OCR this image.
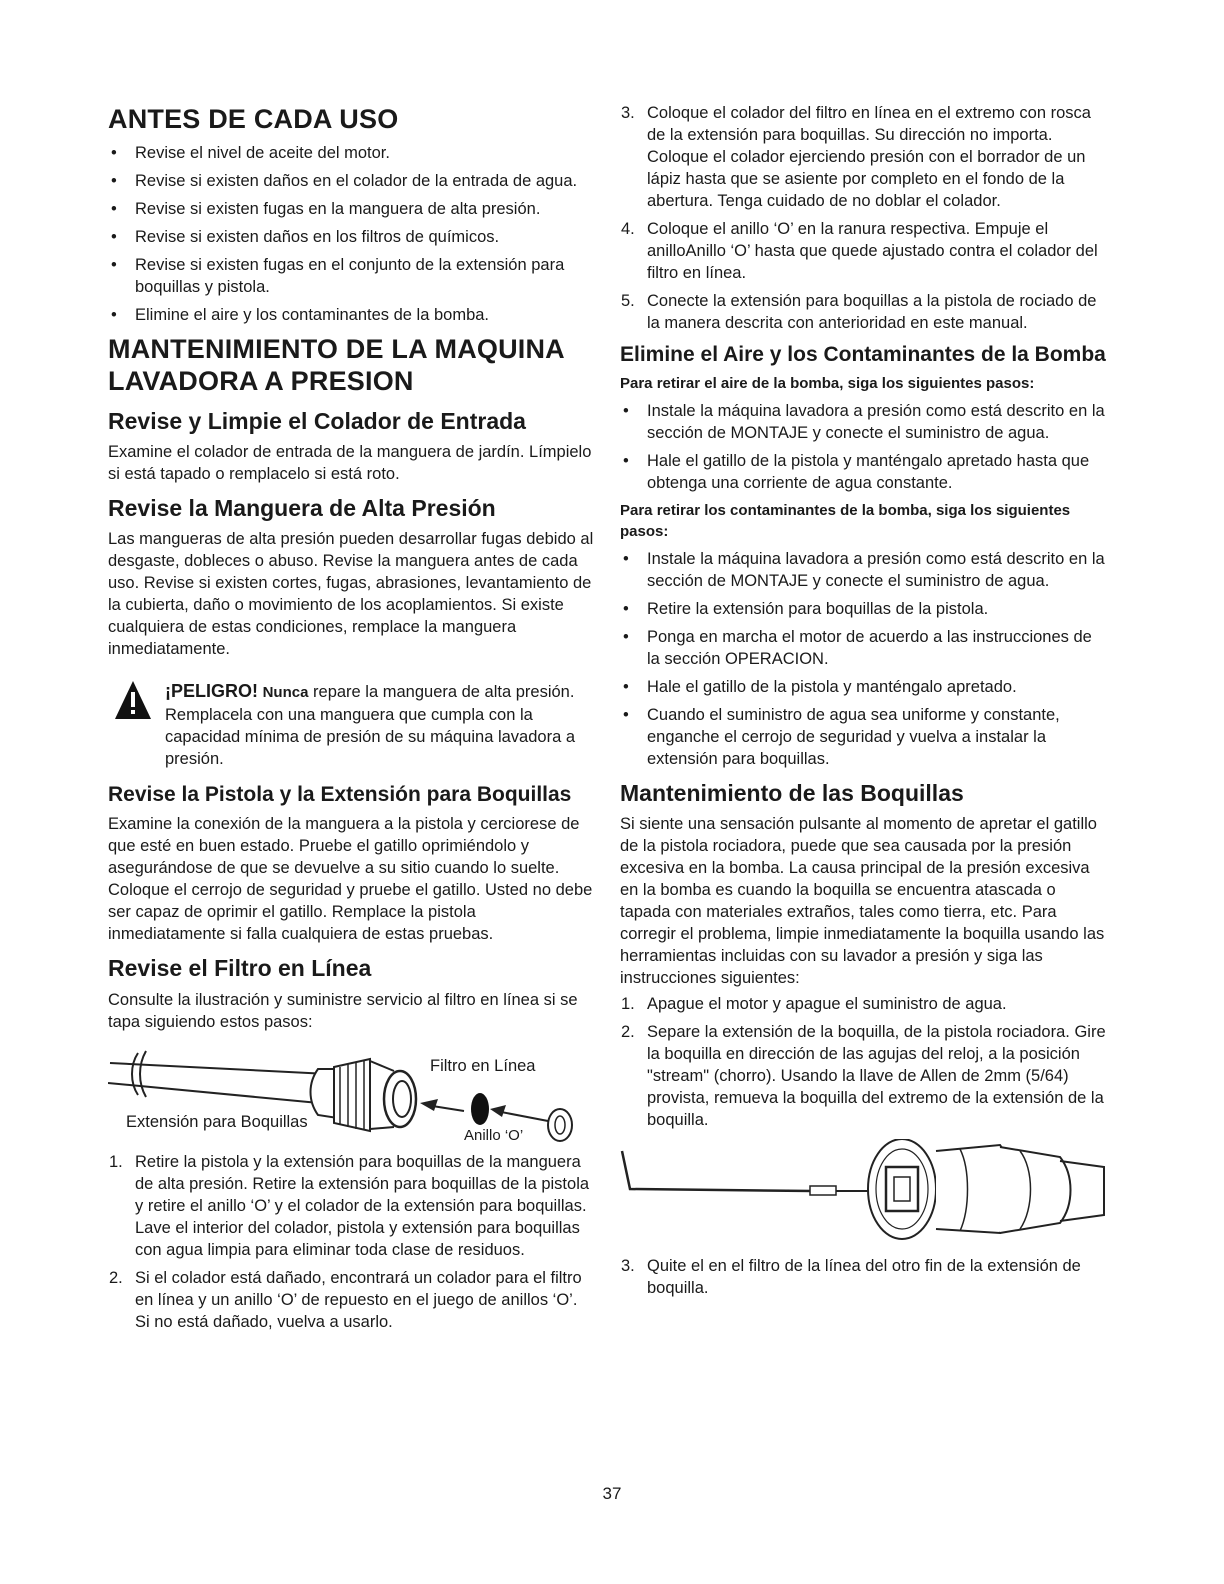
ANTES DE CADA USO
• Revise el nivel de aceite del motor.
• Revise si existen daños en el colador de la entrada de agua.
• Revise si existen fugas en la manguera de alta presión.
• Revise si existen daños en los filtros de químicos.
• Revise si existen fugas en el conjunto de la extensión para boquillas y pistola.
• Elimine el aire y los contaminantes de la bomba.
MANTENIMIENTO DE LA MAQUINA LAVADORA A PRESION
Revise y Limpie el Colador de Entrada

Examine el colador de entrada de la manguera de jardín. Límpielo si está tapado o remplacelo si está roto.

Revise la Manguera de Alta Presión

Las mangueras de alta presión pueden desarrollar fugas debido al desgaste, dobleces o abuso. Revise la manguera antes de cada uso. Revise si existen cortes, fugas, abrasiones, levantamiento de la cubierta, daño o movimiento de los acoplamientos. Si existe cualquiera de estas condiciones, remplace la manguera inmediatamente.

¡PELIGRO! Nunca repare la manguera de alta presión. Remplacela con una manguera que cumpla con la capacidad mínima de presión de su máquina lavadora a presión.

Revise la Pistola y la Extensión para Boquillas

Examine la conexión de la manguera a la pistola y cerciorese de que esté en buen estado. Pruebe el gatillo oprimiéndolo y asegurándose de que se devuelve a su sitio cuando lo suelte. Coloque el cerrojo de seguridad y pruebe el gatillo. Usted no debe ser capaz de oprimir el gatillo. Remplace la pistola inmediatamente si falla cualquiera de estas pruebas.

Revise el Filtro en Línea

Consulte la ilustración y suministre servicio al filtro en línea si se tapa siguiendo estos pasos:

Filtro en Línea
Extensión para Boquillas
Anillo ‘O’
1. Retire la pistola y la extensión para boquillas de la manguera de alta presión. Retire la extensión para boquillas de la pistola y retire el anillo ‘O’ y el colador de la extensión para boquillas. Lave el interior del colador, pistola y extensión para boquillas con agua limpia para eliminar toda clase de residuos.
2. Si el colador está dañado, encontrará un colador para el filtro en línea y un anillo ‘O’ de repuesto en el juego de anillos ‘O’. Si no está dañado, vuelva a usarlo.
3. Coloque el colador del filtro en línea en el extremo con rosca de la extensión para boquillas. Su dirección no importa. Coloque el colador ejerciendo presión con el borrador de un lápiz hasta que se asiente por completo en el fondo de la abertura. Tenga cuidado de no doblar el colador.
4. Coloque el anillo ‘O’ en la ranura respectiva. Empuje el anilloAnillo ‘O’ hasta que quede ajustado contra el colador del filtro en línea.
5. Conecte la extensión para boquillas a la pistola de rociado de la manera descrita con anterioridad en este manual.
Elimine el Aire y los Contaminantes de la Bomba

Para retirar el aire de la bomba, siga los siguientes pasos:

• Instale la máquina lavadora a presión como está descrito en la sección de MONTAJE y conecte el suministro de agua.
• Hale el gatillo de la pistola y manténgalo apretado hasta que obtenga una corriente de agua constante.

Para retirar los contaminantes de la bomba, siga los siguientes pasos:

• Instale la máquina lavadora a presión como está descrito en la sección de MONTAJE y conecte el suministro de agua.
• Retire la extensión para boquillas de la pistola.
• Ponga en marcha el motor de acuerdo a las instrucciones de la sección OPERACION.
• Hale el gatillo de la pistola y manténgalo apretado.
• Cuando el suministro de agua sea uniforme y constante, enganche el cerrojo de seguridad y vuelva a instalar la extensión para boquillas.
Mantenimiento de las Boquillas

Si siente una sensación pulsante al momento de apretar el gatillo de la pistola rociadora, puede que sea causada por la presión excesiva en la bomba. La causa principal de la presión excesiva en la bomba es cuando la boquilla se encuentra atascada o tapada con materiales extraños, tales como tierra, etc. Para corregir el problema, limpie inmediatamente la boquilla usando las herramientas incluidas con su lavador a presión y siga las instrucciones siguientes:

1. Apague el motor y apague el suministro de agua.
2. Separe la extensión de la boquilla, de la pistola rociadora. Gire la boquilla en dirección de las agujas del reloj, a la posición "stream" (chorro). Usando la llave de Allen de 2mm (5/64) provista, remueva la boquilla del extremo de la extensión de la boquilla.
3. Quite el en el filtro de la línea del otro fin de la extensión de boquilla.
37
